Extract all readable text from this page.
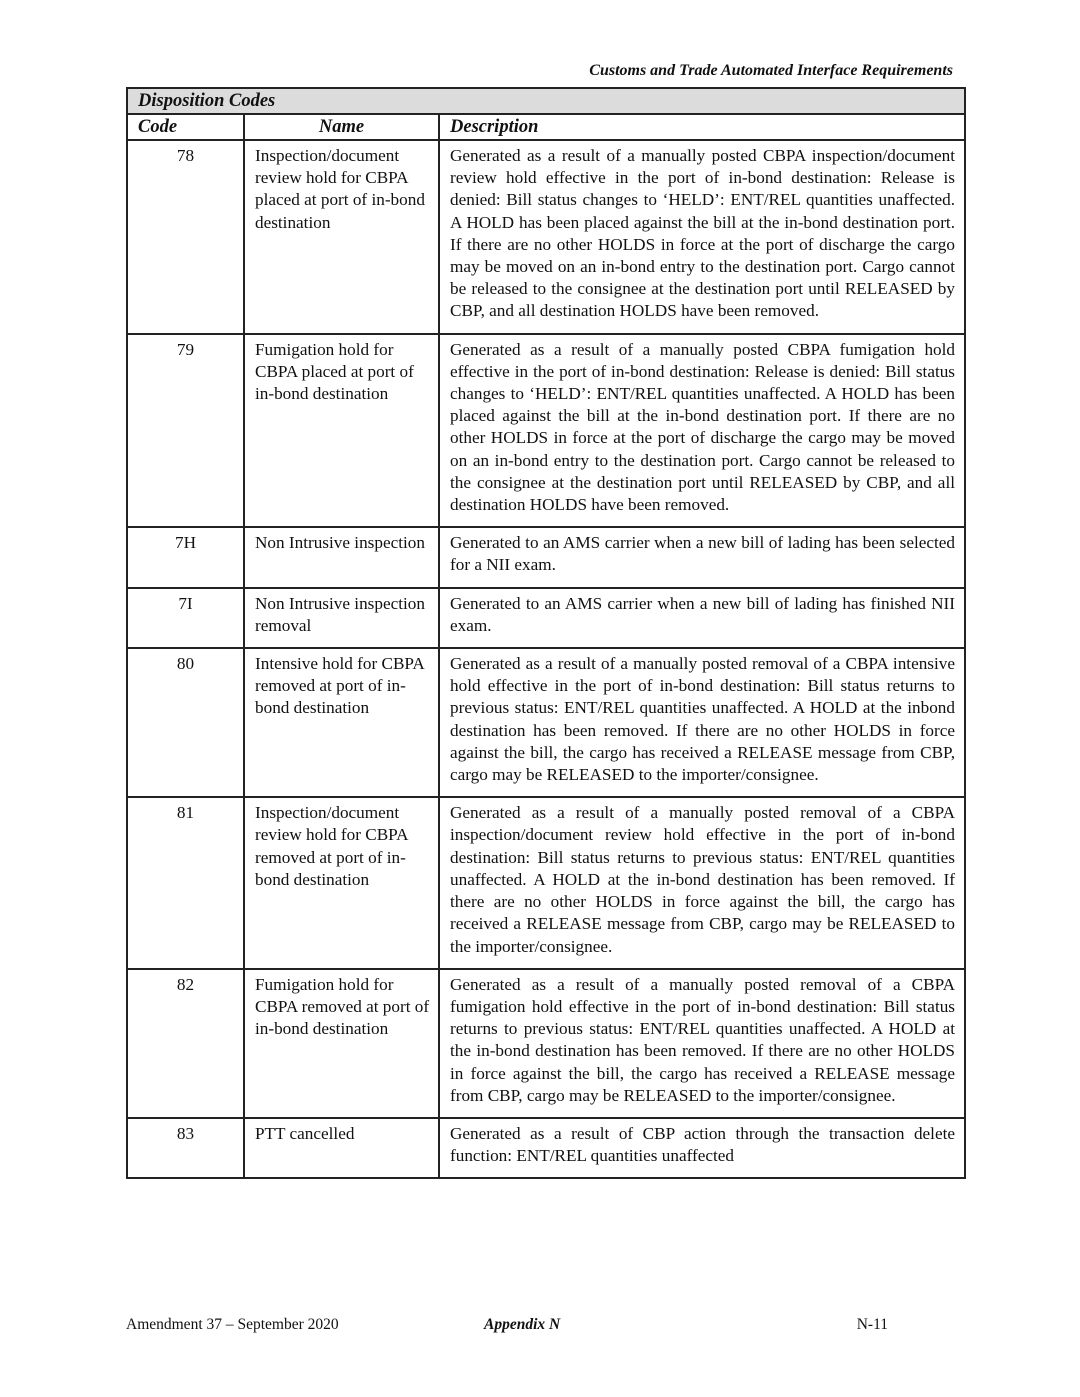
Customs and Trade Automated Interface Requirements
Disposition Codes		
Code	Name	Description
78	Inspection/document review hold for CBPA placed at port of in-bond destination	Generated as a result of a manually posted CBPA inspection/document review hold effective in the port of in-bond destination: Release is denied: Bill status changes to ‘HELD’: ENT/REL quantities unaffected. A HOLD has been placed against the bill at the in-bond destination port. If there are no other HOLDS in force at the port of discharge the cargo may be moved on an in-bond entry to the destination port. Cargo cannot be released to the consignee at the destination port until RELEASED by CBP, and all destination HOLDS have been removed.
79	Fumigation hold for CBPA placed at port of in-bond destination	Generated as a result of a manually posted CBPA fumigation hold effective in the port of in-bond destination: Release is denied: Bill status changes to ‘HELD’: ENT/REL quantities unaffected. A HOLD has been placed against the bill at the in-bond destination port. If there are no other HOLDS in force at the port of discharge the cargo may be moved on an in-bond entry to the destination port. Cargo cannot be released to the consignee at the destination port until RELEASED by CBP, and all destination HOLDS have been removed.
7H	Non Intrusive inspection	Generated to an AMS carrier when a new bill of lading has been selected for a NII exam.
7I	Non Intrusive inspection removal	Generated to an AMS carrier when a new bill of lading has finished NII exam.
80	Intensive hold for CBPA removed at port of in-bond destination	Generated as a result of a manually posted removal of a CBPA intensive hold effective in the port of in-bond destination: Bill status returns to previous status: ENT/REL quantities unaffected. A HOLD at the inbond destination has been removed. If there are no other HOLDS in force against the bill, the cargo has received a RELEASE message from CBP, cargo may be RELEASED to the importer/consignee.
81	Inspection/document review hold for CBPA removed at port of in-bond destination	Generated as a result of a manually posted removal of a CBPA inspection/document review hold effective in the port of in-bond destination: Bill status returns to previous status: ENT/REL quantities unaffected. A HOLD at the in-bond destination has been removed. If there are no other HOLDS in force against the bill, the cargo has received a RELEASE message from CBP, cargo may be RELEASED to the importer/consignee.
82	Fumigation hold for CBPA removed at port of in-bond destination	Generated as a result of a manually posted removal of a CBPA fumigation hold effective in the port of in-bond destination: Bill status returns to previous status: ENT/REL quantities unaffected. A HOLD at the in-bond destination has been removed. If there are no other HOLDS in force against the bill, the cargo has received a RELEASE message from CBP, cargo may be RELEASED to the importer/consignee.
83	PTT cancelled	Generated as a result of CBP action through the transaction delete function: ENT/REL quantities unaffected
Amendment 37 – September 2020	Appendix N	N-11
